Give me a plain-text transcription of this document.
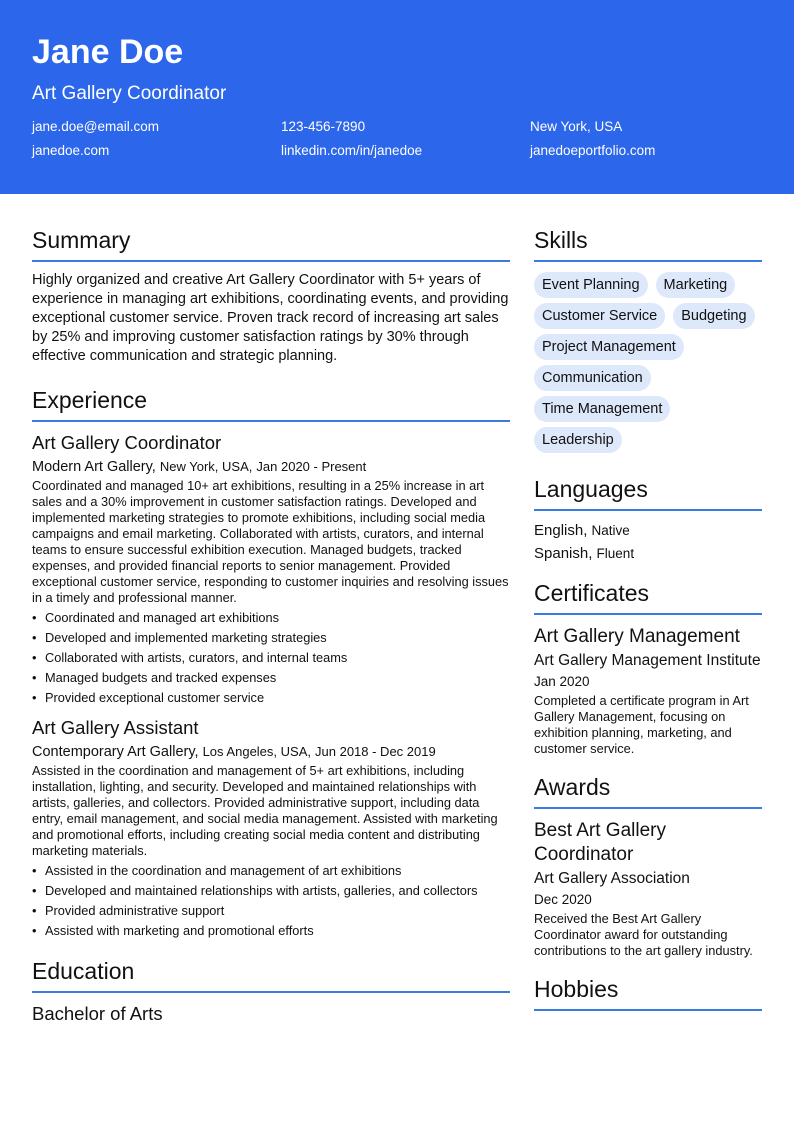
Jane Doe
Art Gallery Coordinator
jane.doe@email.com	123-456-7890	New York, USA
janedoe.com	linkedin.com/in/janedoe	janedoeportfolio.com
Summary
Highly organized and creative Art Gallery Coordinator with 5+ years of experience in managing art exhibitions, coordinating events, and providing exceptional customer service. Proven track record of increasing art sales by 25% and improving customer satisfaction ratings by 30% through effective communication and strategic planning.
Experience
Art Gallery Coordinator
Modern Art Gallery, New York, USA, Jan 2020 - Present
Coordinated and managed 10+ art exhibitions, resulting in a 25% increase in art sales and a 30% improvement in customer satisfaction ratings. Developed and implemented marketing strategies to promote exhibitions, including social media campaigns and email marketing. Collaborated with artists, curators, and internal teams to ensure successful exhibition execution. Managed budgets, tracked expenses, and provided financial reports to senior management. Provided exceptional customer service, responding to customer inquiries and resolving issues in a timely and professional manner.
• Coordinated and managed art exhibitions
• Developed and implemented marketing strategies
• Collaborated with artists, curators, and internal teams
• Managed budgets and tracked expenses
• Provided exceptional customer service
Art Gallery Assistant
Contemporary Art Gallery, Los Angeles, USA, Jun 2018 - Dec 2019
Assisted in the coordination and management of 5+ art exhibitions, including installation, lighting, and security. Developed and maintained relationships with artists, galleries, and collectors. Provided administrative support, including data entry, email management, and social media management. Assisted with marketing and promotional efforts, including creating social media content and distributing marketing materials.
• Assisted in the coordination and management of art exhibitions
• Developed and maintained relationships with artists, galleries, and collectors
• Provided administrative support
• Assisted with marketing and promotional efforts
Education
Bachelor of Arts
Skills
Event Planning	Marketing
Customer Service	Budgeting
Project Management
Communication
Time Management
Leadership
Languages
English, Native
Spanish, Fluent
Certificates
Art Gallery Management
Art Gallery Management Institute
Jan 2020
Completed a certificate program in Art Gallery Management, focusing on exhibition planning, marketing, and customer service.
Awards
Best Art Gallery Coordinator
Art Gallery Association
Dec 2020
Received the Best Art Gallery Coordinator award for outstanding contributions to the art gallery industry.
Hobbies
